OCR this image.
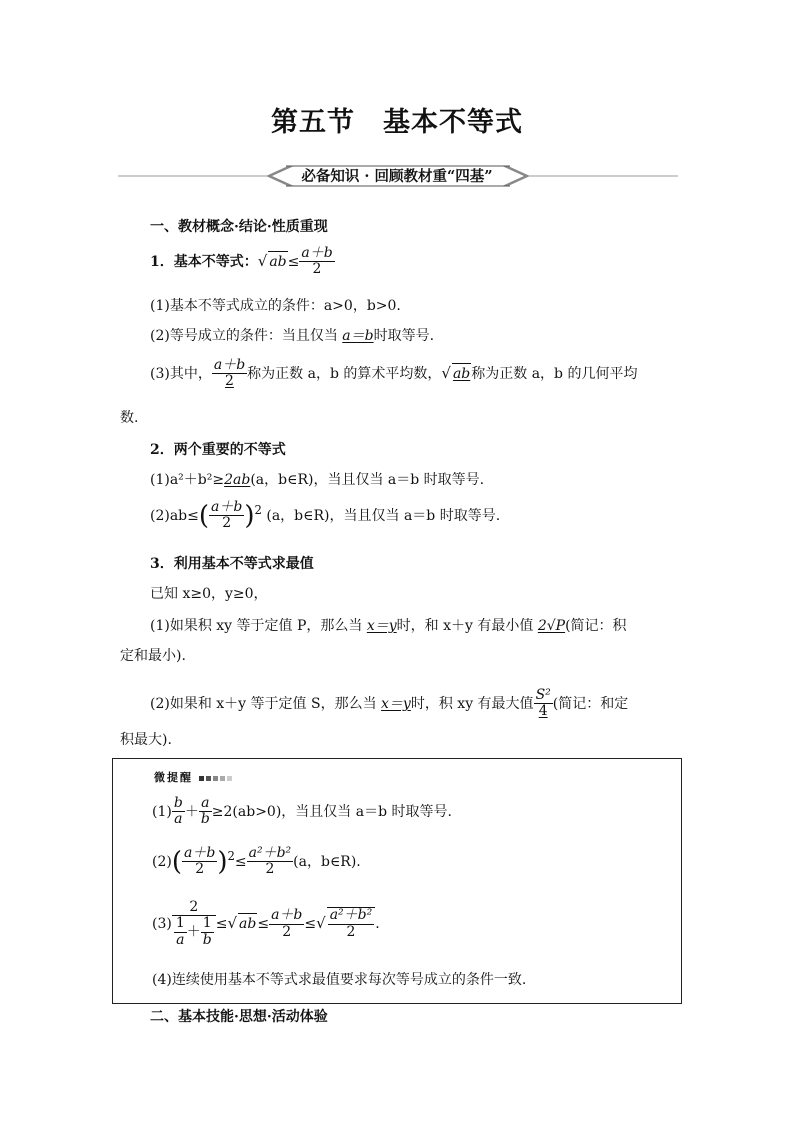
第五节　基本不等式
必备知识 · 回顾教材重“四基”
一、教材概念·结论·性质重现
1．基本不等式：√ $ab\le \frac{a+b}{2}$
(1)基本不等式成立的条件：a>0，b>0.
(2)等号成立的条件：当且仅当 a＝b时取等号.
(3)其中， $\frac{a+b}{2}$ 称为正数 a，b 的算术平均数，√ ab称为正数 a，b 的几何平均
数.
2．两个重要的不等式
(1)a²＋b²≥2ab(a，b∈R)，当且仅当 a＝b 时取等号.
$(2)ab\le( \frac{a+b}{2} )^2$ (a，b∈R)，当且仅当 a＝b 时取等号.
3．利用基本不等式求最值
已知 x≥0，y≥0，
(1)如果积 xy 等于定值 P，那么当 x＝y时，和 x＋y 有最小值 2√P(简记：积
定和最小).
(2)如果和 x＋y 等于定值 S，那么当 x＝y时，积 xy 有最大值 $\frac{\text{S²}}{4}$ (简记：和定
积最大).
微提醒
$(1) \frac{b}{a} + \frac{a}{b} \ge 2(ab>0)$，当且仅当 a＝b 时取等号.
$(2)( \frac{a+b}{2} )^2\le \frac{\text{a²＋b²}}{2} (a$，b∈R).
$(3) \frac{2}{\frac{1}{a} + \frac{1}{b}}$ ≤√ $ab\le \frac{a+b}{2}$ ≤√ $\frac{\text{a²＋b²}}{2}$ .
(4)连续使用基本不等式求最值要求每次等号成立的条件一致.
二、基本技能·思想·活动体验
